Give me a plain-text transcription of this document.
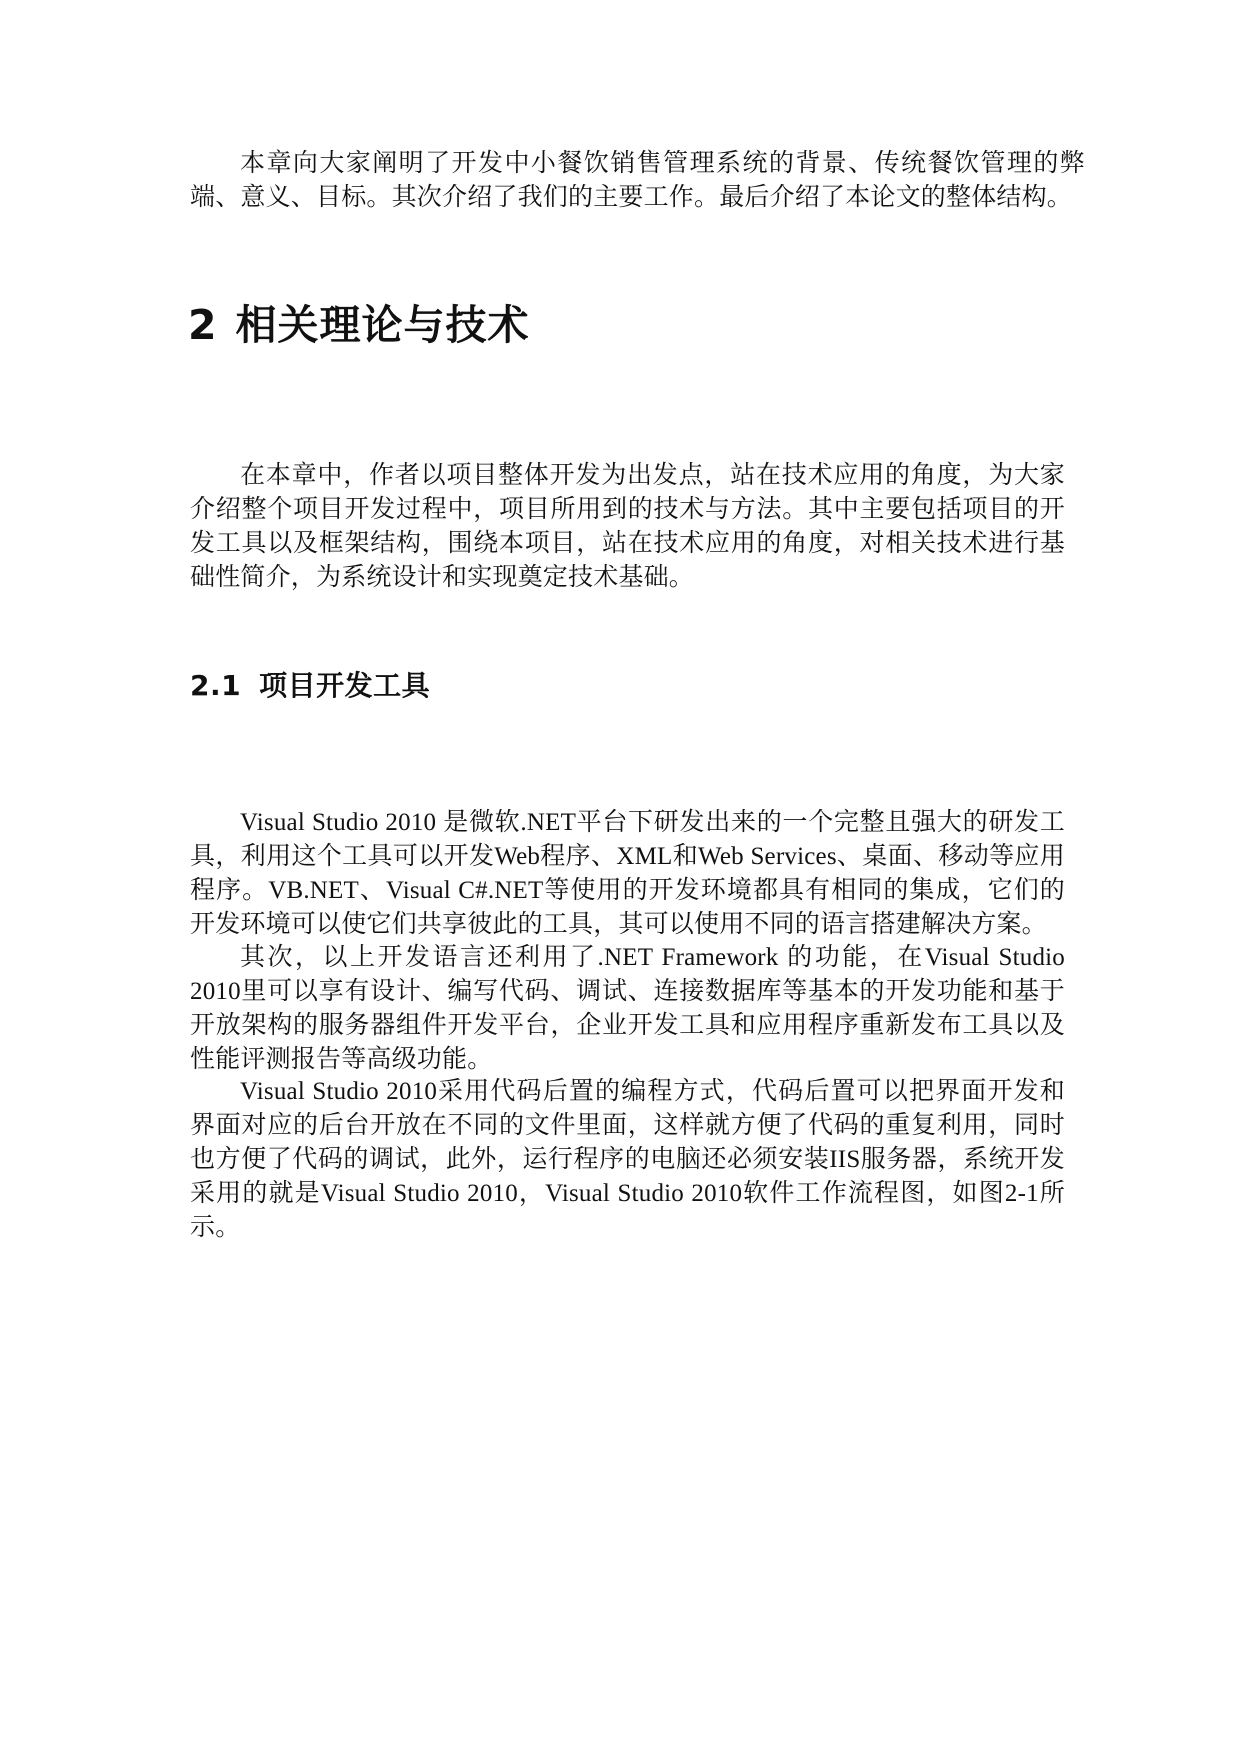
本章向大家阐明了开发中小餐饮销售管理系统的背景、传统餐饮管理的弊端、意义、目标。其次介绍了我们的主要工作。最后介绍了本论文的整体结构。

2 相关理论与技术

在本章中，作者以项目整体开发为出发点，站在技术应用的角度，为大家介绍整个项目开发过程中，项目所用到的技术与方法。其中主要包括项目的开发工具以及框架结构，围绕本项目，站在技术应用的角度，对相关技术进行基础性简介，为系统设计和实现奠定技术基础。

2.1 项目开发工具

Visual Studio 2010 是微软.NET平台下研发出来的一个完整且强大的研发工具，利用这个工具可以开发Web程序、XML和Web Services、桌面、移动等应用程序。VB.NET、Visual C#.NET等使用的开发环境都具有相同的集成，它们的开发环境可以使它们共享彼此的工具，其可以使用不同的语言搭建解决方案。

其次，以上开发语言还利用了.NET Framework 的功能，在Visual Studio 2010里可以享有设计、编写代码、调试、连接数据库等基本的开发功能和基于开放架构的服务器组件开发平台，企业开发工具和应用程序重新发布工具以及性能评测报告等高级功能。

Visual Studio 2010采用代码后置的编程方式，代码后置可以把界面开发和界面对应的后台开放在不同的文件里面，这样就方便了代码的重复利用，同时也方便了代码的调试，此外，运行程序的电脑还必须安装IIS服务器，系统开发采用的就是Visual Studio 2010，Visual Studio 2010软件工作流程图，如图2-1所示。
